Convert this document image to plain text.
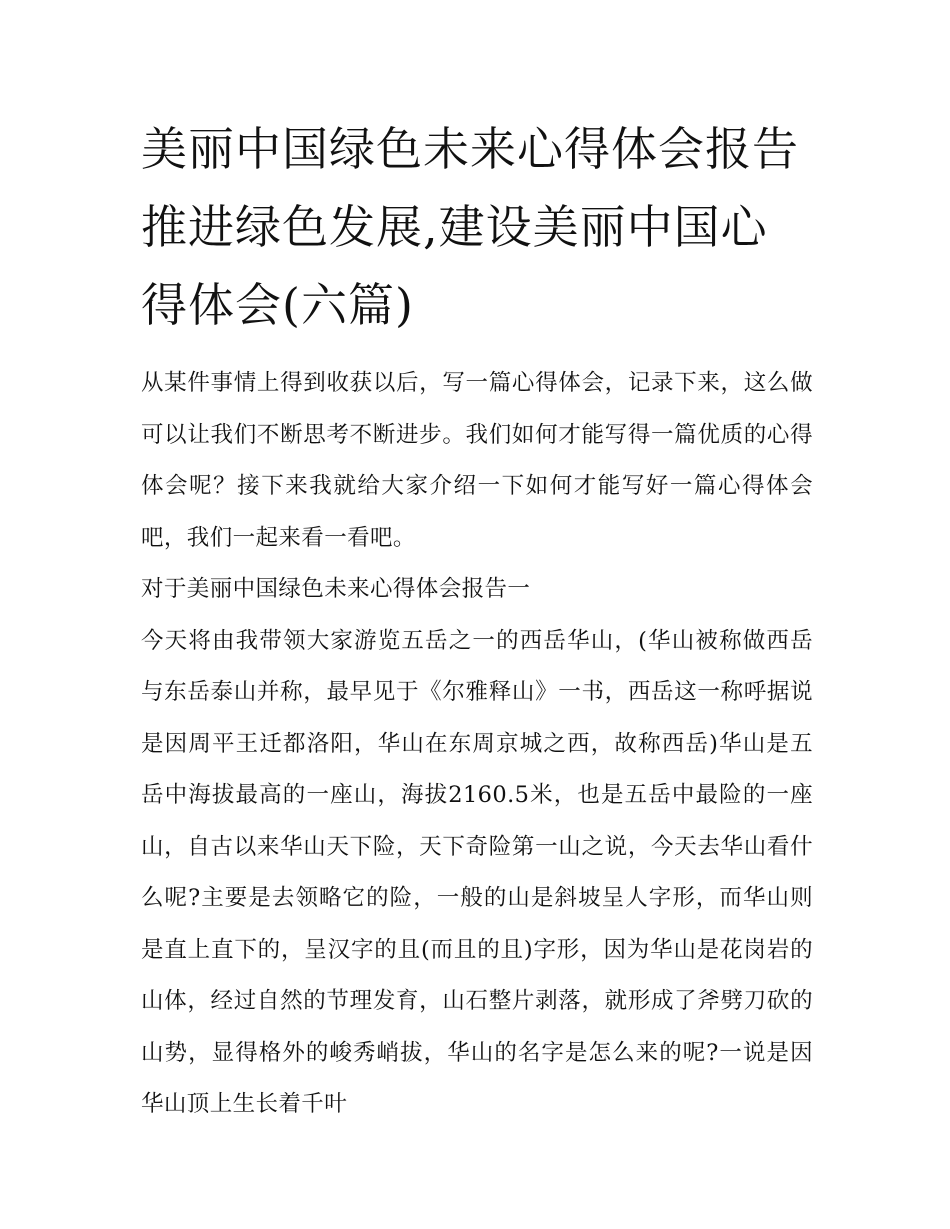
美丽中国绿色未来心得体会报告 推进绿色发展,建设美丽中国心得体会(六篇)

从某件事情上得到收获以后，写一篇心得体会，记录下来，这么做可以让我们不断思考不断进步。我们如何才能写得一篇优质的心得体会呢？接下来我就给大家介绍一下如何才能写好一篇心得体会吧，我们一起来看一看吧。

对于美丽中国绿色未来心得体会报告一

今天将由我带领大家游览五岳之一的西岳华山，(华山被称做西岳与东岳泰山并称，最早见于《尔雅释山》一书，西岳这一称呼据说是因周平王迁都洛阳，华山在东周京城之西，故称西岳)华山是五岳中海拔最高的一座山，海拔2160.5米，也是五岳中最险的一座山，自古以来华山天下险，天下奇险第一山之说，今天去华山看什么呢?主要是去领略它的险，一般的山是斜坡呈人字形，而华山则是直上直下的，呈汉字的且(而且的且)字形，因为华山是花岗岩的山体，经过自然的节理发育，山石整片剥落，就形成了斧劈刀砍的山势，显得格外的峻秀峭拔，华山的名字是怎么来的呢?一说是因华山顶上生长着千叶
